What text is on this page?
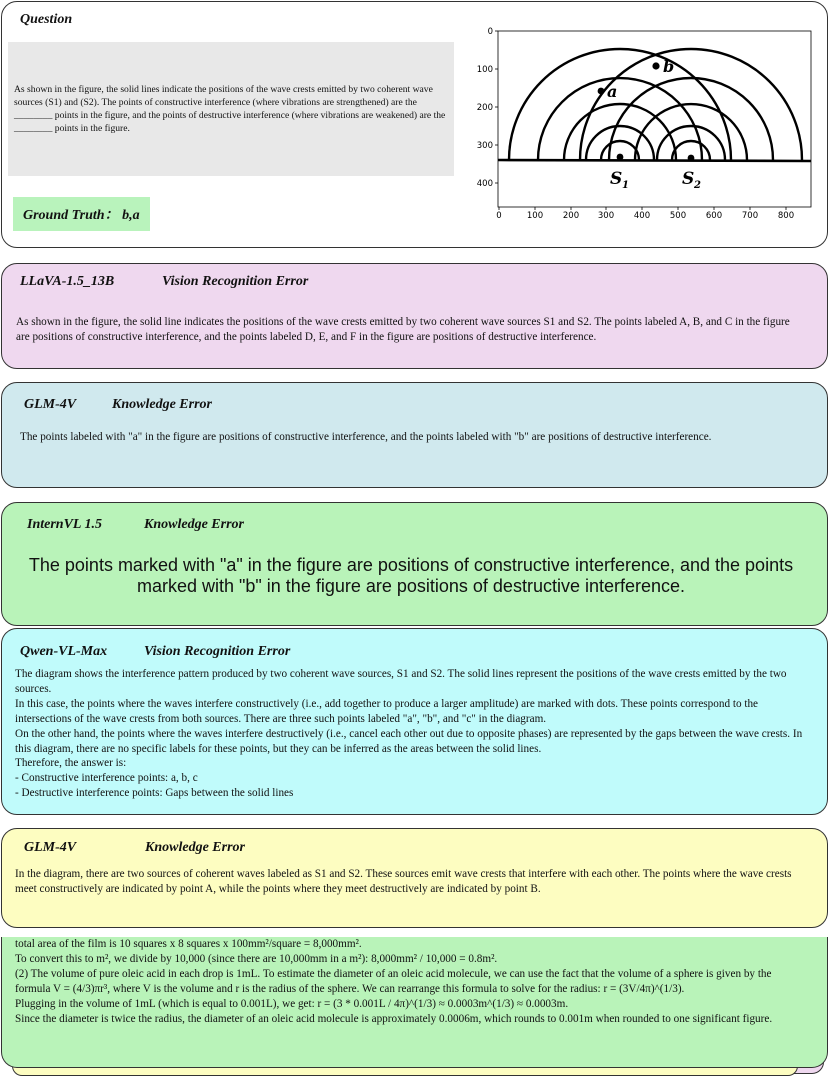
Question
As shown in the figure, the solid lines indicate the positions of the wave crests emitted by two coherent wave sources (S1) and (S2). The points of constructive interference (where vibrations are strengthened) are the ________ points in the figure, and the points of destructive interference (where vibrations are weakened) are the ________ points in the figure.
Ground Truth： b,a
0
100
200
300
400
0	100 200 300 400 500 600 700 800
a
b
S 1	S 2
LLaVA-1.5_13B	Vision Recognition Error
As shown in the figure, the solid line indicates the positions of the wave crests emitted by two coherent wave sources S1 and S2. The points labeled A, B, and C in the figure are positions of constructive interference, and the points labeled D, E, and F in the figure are positions of destructive interference.
GLM-4V	Knowledge Error
The points labeled with "a" in the figure are positions of constructive interference, and the points labeled with "b" are positions of destructive interference.
InternVL 1.5	Knowledge Error
The points marked with "a" in the figure are positions of constructive interference, and the points marked with "b" in the figure are positions of destructive interference.
Qwen-VL-Max	Vision Recognition Error
The diagram shows the interference pattern produced by two coherent wave sources, S1 and S2. The solid lines represent the positions of the wave crests emitted by the two sources.
In this case, the points where the waves interfere constructively (i.e., add together to produce a larger amplitude) are marked with dots. These points correspond to the intersections of the wave crests from both sources. There are three such points labeled "a", "b", and "c" in the diagram.
On the other hand, the points where the waves interfere destructively (i.e., cancel each other out due to opposite phases) are represented by the gaps between the wave crests. In this diagram, there are no specific labels for these points, but they can be inferred as the areas between the solid lines.
Therefore, the answer is:
- Constructive interference points: a, b, c
- Destructive interference points: Gaps between the solid lines
GLM-4V	Knowledge Error
In the diagram, there are two sources of coherent waves labeled as S1 and S2. These sources emit wave crests that interfere with each other. The points where the wave crests meet constructively are indicated by point A, while the points where they meet destructively are indicated by point B.
total area of the film is 10 squares x 8 squares x 100mm²/square = 8,000mm².
To convert this to m², we divide by 10,000 (since there are 10,000mm in a m²): 8,000mm² / 10,000 = 0.8m².
(2) The volume of pure oleic acid in each drop is 1mL. To estimate the diameter of an oleic acid molecule, we can use the fact that the volume of a sphere is given by the formula V = (4/3)πr³, where V is the volume and r is the radius of the sphere. We can rearrange this formula to solve for the radius: r = (3V/4π)^(1/3).
Plugging in the volume of 1mL (which is equal to 0.001L), we get: r = (3 * 0.001L / 4π)^(1/3) ≈ 0.0003m^(1/3) ≈ 0.0003m.
Since the diameter is twice the radius, the diameter of an oleic acid molecule is approximately 0.0006m, which rounds to 0.001m when rounded to one significant figure.
